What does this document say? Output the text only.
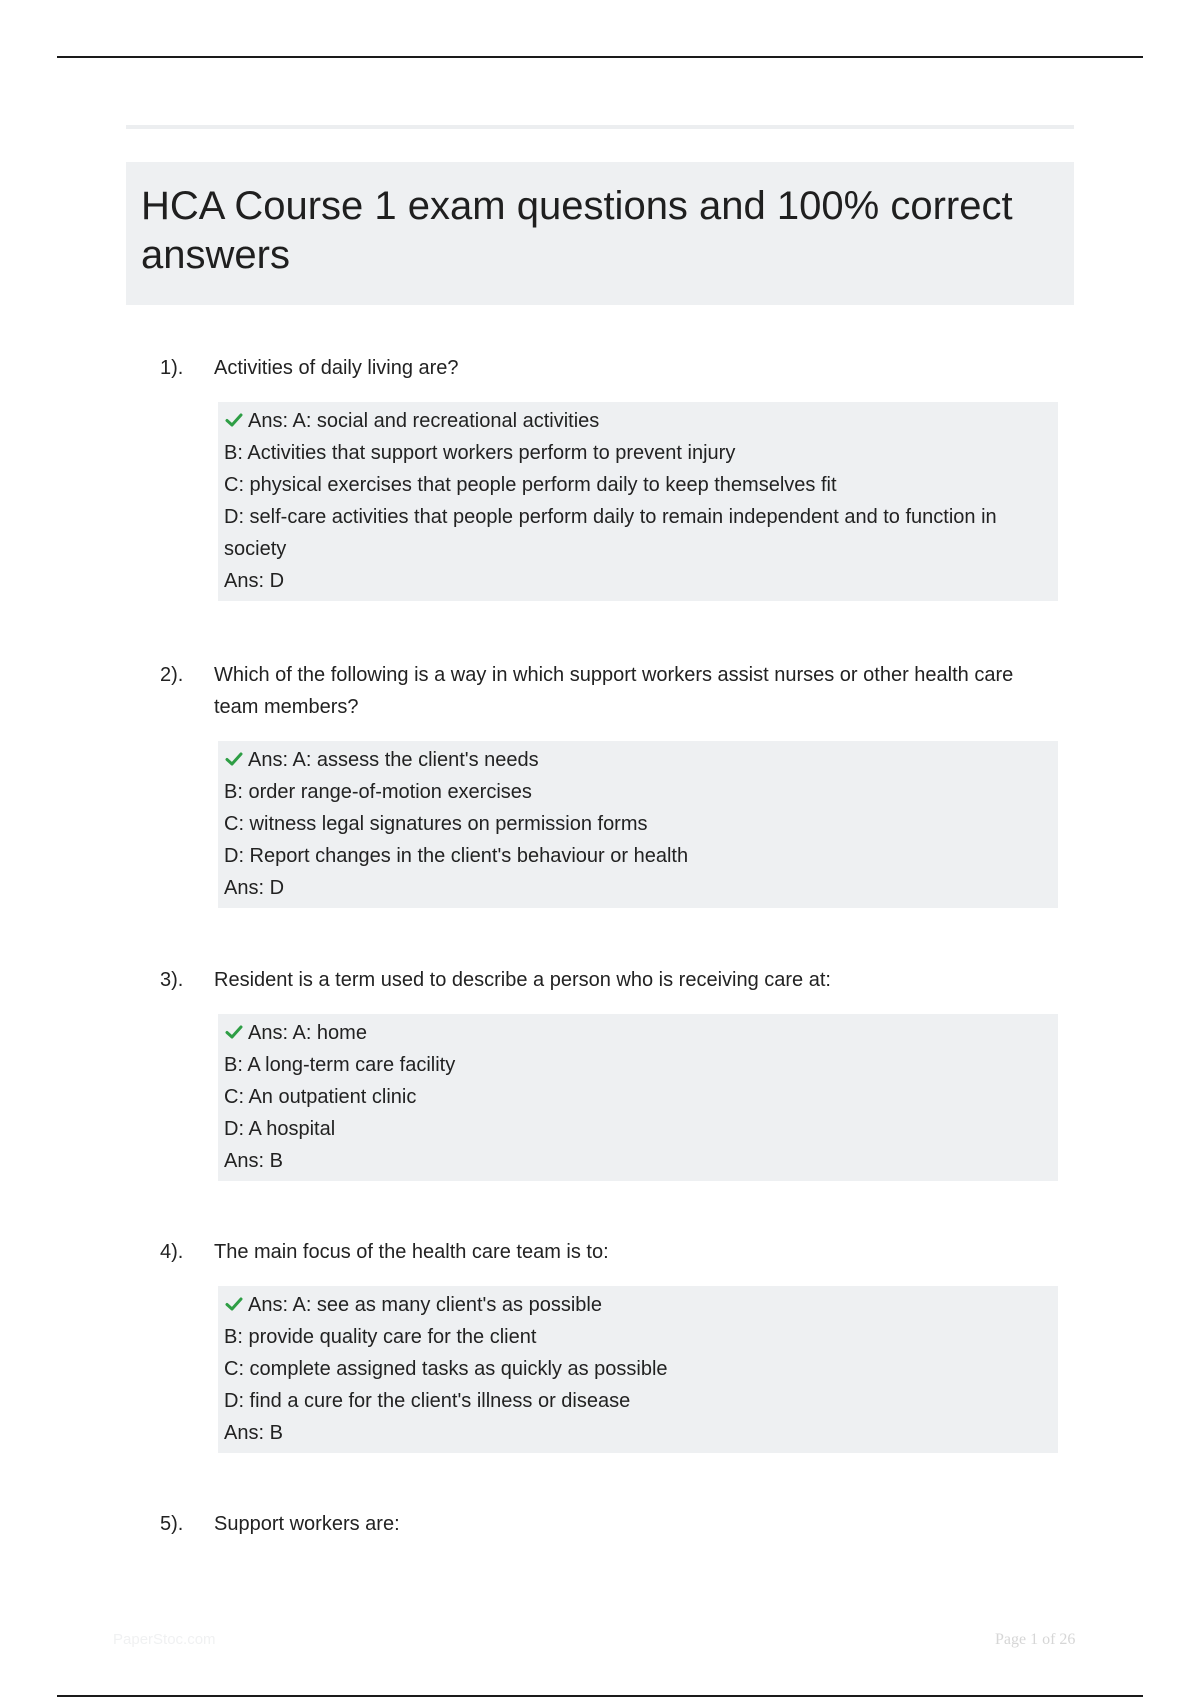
HCA Course 1 exam questions and 100% correct answers
1). Activities of daily living are?
Ans: A: social and recreational activities
B: Activities that support workers perform to prevent injury
C: physical exercises that people perform daily to keep themselves fit
D: self-care activities that people perform daily to remain independent and to function in society
Ans: D
2). Which of the following is a way in which support workers assist nurses or other health care team members?
Ans: A: assess the client's needs
B: order range-of-motion exercises
C: witness legal signatures on permission forms
D: Report changes in the client's behaviour or health
Ans: D
3). Resident is a term used to describe a person who is receiving care at:
Ans: A: home
B: A long-term care facility
C: An outpatient clinic
D: A hospital
Ans: B
4). The main focus of the health care team is to:
Ans: A: see as many client's as possible
B: provide quality care for the client
C: complete assigned tasks as quickly as possible
D: find a cure for the client's illness or disease
Ans: B
5). Support workers are:
PaperStoc.com	Page 1 of 26
